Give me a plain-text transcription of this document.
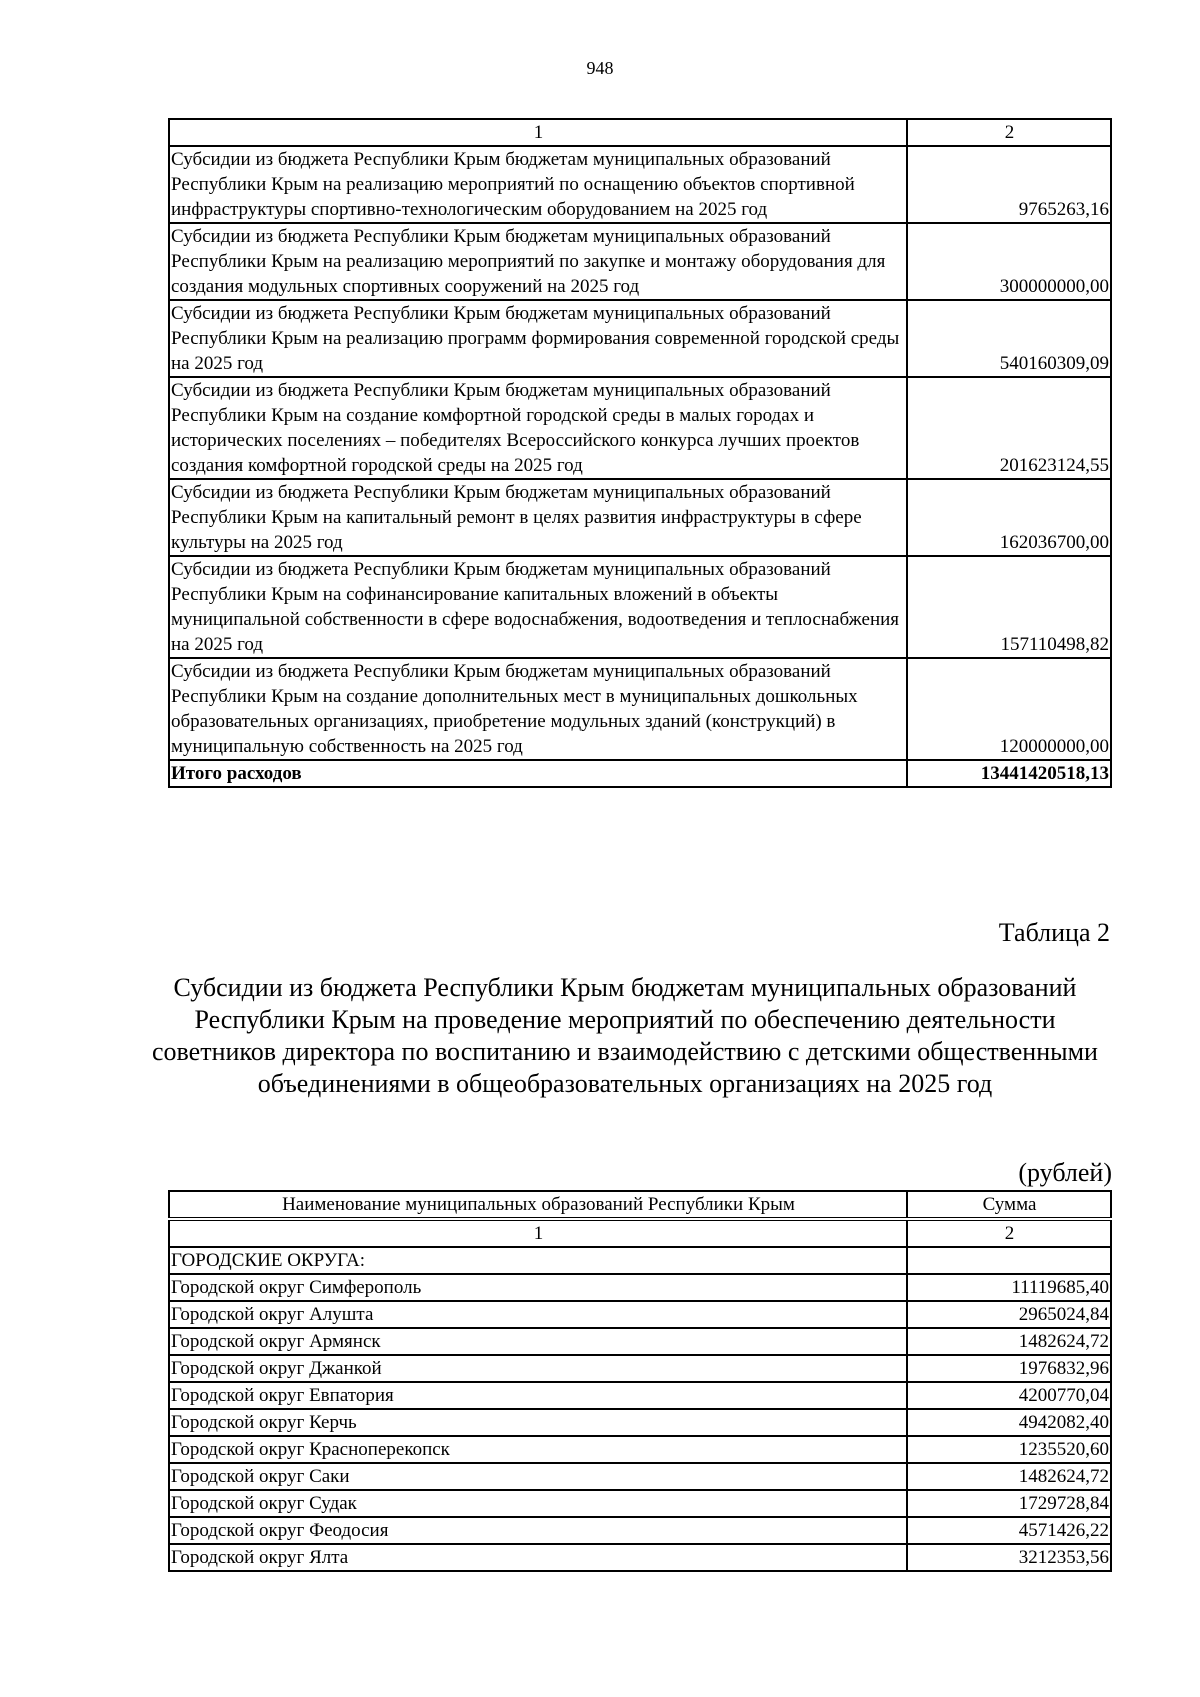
948
1	2
Субсидии из бюджета Республики Крым бюджетам муниципальных образований Республики Крым на реализацию мероприятий по оснащению объектов спортивной инфраструктуры спортивно-технологическим оборудованием на 2025 год	9765263,16
Субсидии из бюджета Республики Крым бюджетам муниципальных образований Республики Крым на реализацию мероприятий по закупке и монтажу оборудования для создания модульных спортивных сооружений на 2025 год	300000000,00
Субсидии из бюджета Республики Крым бюджетам муниципальных образований Республики Крым на реализацию программ формирования современной городской среды на 2025 год	540160309,09
Субсидии из бюджета Республики Крым бюджетам муниципальных образований Республики Крым на создание комфортной городской среды в малых городах и исторических поселениях – победителях Всероссийского конкурса лучших проектов создания комфортной городской среды на 2025 год	201623124,55
Субсидии из бюджета Республики Крым бюджетам муниципальных образований Республики Крым на капитальный ремонт в целях развития инфраструктуры в сфере культуры на 2025 год	162036700,00
Субсидии из бюджета Республики Крым бюджетам муниципальных образований Республики Крым на софинансирование капитальных вложений в объекты муниципальной собственности в сфере водоснабжения, водоотведения и теплоснабжения на 2025 год	157110498,82
Субсидии из бюджета Республики Крым бюджетам муниципальных образований Республики Крым на создание дополнительных мест в муниципальных дошкольных образовательных организациях, приобретение модульных зданий (конструкций) в муниципальную собственность на 2025 год	120000000,00
Итого расходов	13441420518,13
Таблица 2
Субсидии из бюджета Республики Крым бюджетам муниципальных образований Республики Крым на проведение мероприятий по обеспечению деятельности советников директора по воспитанию и взаимодействию с детскими общественными объединениями в общеобразовательных организациях на 2025 год
(рублей)
Наименование муниципальных образований Республики Крым	Сумма
1	2
ГОРОДСКИЕ ОКРУГА:	
Городской округ Симферополь	11119685,40
Городской округ Алушта	2965024,84
Городской округ Армянск	1482624,72
Городской округ Джанкой	1976832,96
Городской округ Евпатория	4200770,04
Городской округ Керчь	4942082,40
Городской округ Красноперекопск	1235520,60
Городской округ Саки	1482624,72
Городской округ Судак	1729728,84
Городской округ Феодосия	4571426,22
Городской округ Ялта	3212353,56
